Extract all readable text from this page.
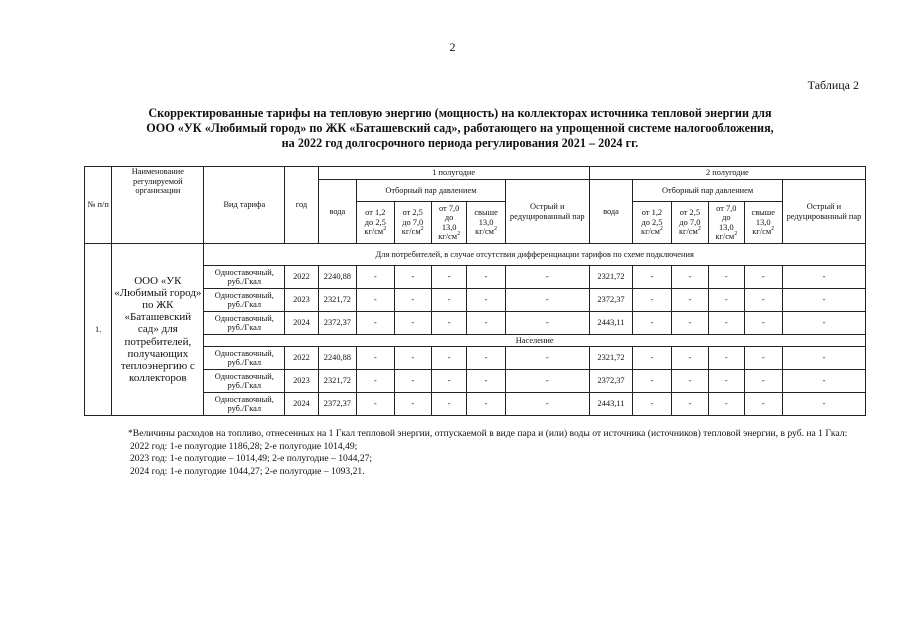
2
Таблица 2
Скорректированные тарифы на тепловую энергию (мощность) на коллекторах источника тепловой энергии для
ООО «УК «Любимый город» по ЖК «Баташевский сад», работающего на упрощенной системе налогообложения,
на 2022 год долгосрочного периода регулирования 2021 – 2024 гг.
№ п/п	Наименование регулируемой организации	Вид тарифа	год	1 полугодие						2 полугодие					
				вода	Отборный пар давлением				Острый и редуцированный пар	вода	Отборный пар давлением				Острый и редуцированный пар
					от 1,2
до 2,5
$кг/см^2$	от 2,5
до 7,0
$кг/см^2$	от 7,0
до
13,0
$кг/см^2$	свыше
13,0
$кг/см^2$			от 1,2
до 2,5
$кг/см^2$	от 2,5
до 7,0
$кг/см^2$	от 7,0
до
13,0
$кг/см^2$	свыше
13,0
$кг/см^2$
1.	ООО «УК «Любимый город» по ЖК «Баташевский сад» для потребителей, получающих теплоэнергию с коллекторов	Для потребителей, в случае отсутствия дифференциации тарифов по схеме подключения													
		Одноставочный, руб./Гкал	2022	2240,88	-	-	-	-	-	2321,72	-	-	-	-	-
		Одноставочный, руб./Гкал	2023	2321,72	-	-	-	-	-	2372,37	-	-	-	-	-
		Одноставочный, руб./Гкал	2024	2372,37	-	-	-	-	-	2443,11	-	-	-	-	-
		Население													
		Одноставочный, руб./Гкал	2022	2240,88	-	-	-	-	-	2321,72	-	-	-	-	-
		Одноставочный, руб./Гкал	2023	2321,72	-	-	-	-	-	2372,37	-	-	-	-	-
		Одноставочный, руб./Гкал	2024	2372,37	-	-	-	-	-	2443,11	-	-	-	-	-
*Величины расходов на топливо, отнесенных на 1 Гкал тепловой энергии, отпускаемой в виде пара и (или) воды от источника (источников) тепловой энергии, в руб. на 1 Гкал:
2022 год: 1-е полугодие 1186,28; 2-е полугодие 1014,49;
2023 год: 1-е полугодие – 1014,49; 2-е полугодие – 1044,27;
2024 год: 1-е полугодие 1044,27; 2-е полугодие – 1093,21.
